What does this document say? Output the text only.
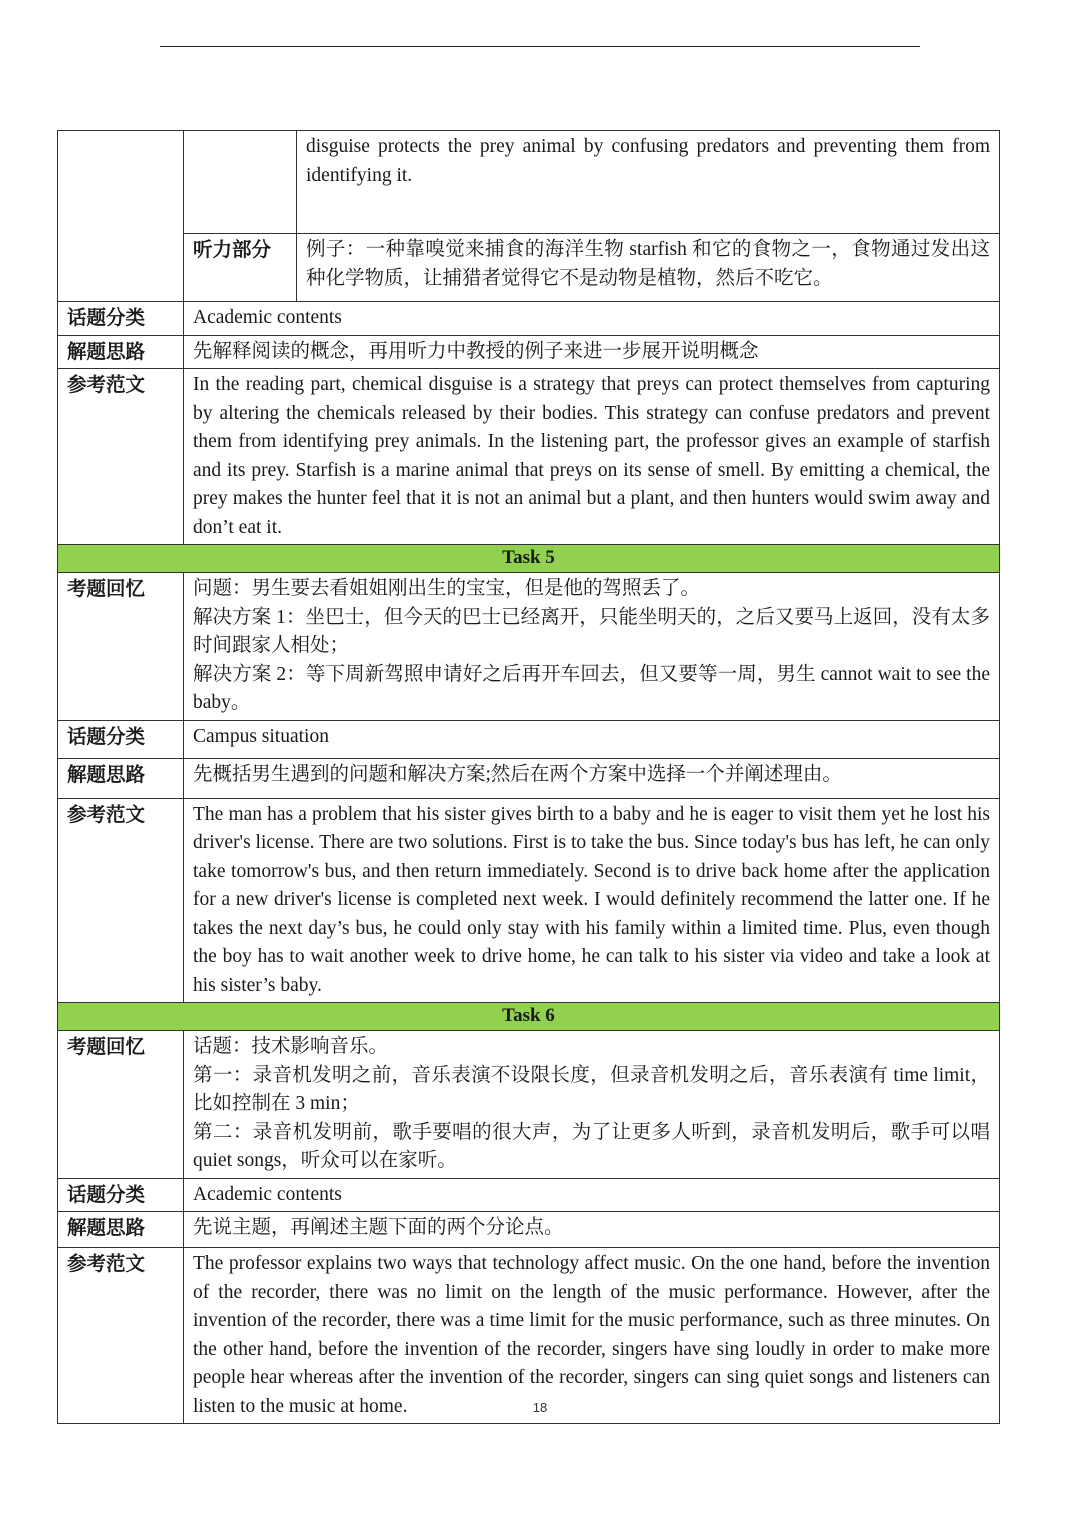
		disguise protects the prey animal by confusing predators and preventing them from identifying it.
	听力部分	例子：一种靠嗅觉来捕食的海洋生物 starfish 和它的食物之一，食物通过发出这种化学物质，让捕猎者觉得它不是动物是植物，然后不吃它。
话题分类	Academic contents	
解题思路	先解释阅读的概念，再用听力中教授的例子来进一步展开说明概念	
参考范文	In the reading part, chemical disguise is a strategy that preys can protect themselves from capturing by altering the chemicals released by their bodies. This strategy can confuse predators and prevent them from identifying prey animals. In the listening part, the professor gives an example of starfish and its prey. Starfish is a marine animal that preys on its sense of smell. By emitting a chemical, the prey makes the hunter feel that it is not an animal but a plant, and then hunters would swim away and don’t eat it.	
Task 5		
考题回忆	问题：男生要去看姐姐刚出生的宝宝，但是他的驾照丢了。
解决方案 1：坐巴士，但今天的巴士已经离开，只能坐明天的，之后又要马上返回，没有太多时间跟家人相处；
解决方案 2：等下周新驾照申请好之后再开车回去，但又要等一周，男生 cannot wait to see the baby。	

话题分类	Campus situation	
解题思路	先概括男生遇到的问题和解决方案;然后在两个方案中选择一个并阐述理由。	
参考范文	The man has a problem that his sister gives birth to a baby and he is eager to visit them yet he lost his driver's license. There are two solutions. First is to take the bus. Since today's bus has left, he can only take tomorrow's bus, and then return immediately. Second is to drive back home after the application for a new driver's license is completed next week. I would definitely recommend the latter one. If he takes the next day’s bus, he could only stay with his family within a limited time. Plus, even though the boy has to wait another week to drive home, he can talk to his sister via video and take a look at his sister’s baby.	
Task 6		
考题回忆	话题：技术影响音乐。
第一：录音机发明之前，音乐表演不设限长度，但录音机发明之后，音乐表演有 time limit，比如控制在 3 min；
第二：录音机发明前，歌手要唱的很大声，为了让更多人听到，录音机发明后，歌手可以唱 quiet songs，听众可以在家听。	

话题分类	Academic contents	
解题思路	先说主题，再阐述主题下面的两个分论点。	
参考范文	The professor explains two ways that technology affect music. On the one hand, before the invention of the recorder, there was no limit on the length of the music performance. However, after the invention of the recorder, there was a time limit for the music performance, such as three minutes. On the other hand, before the invention of the recorder, singers have sing loudly in order to make more people hear whereas after the invention of the recorder, singers can sing quiet songs and listeners can listen to the music at home.		18
